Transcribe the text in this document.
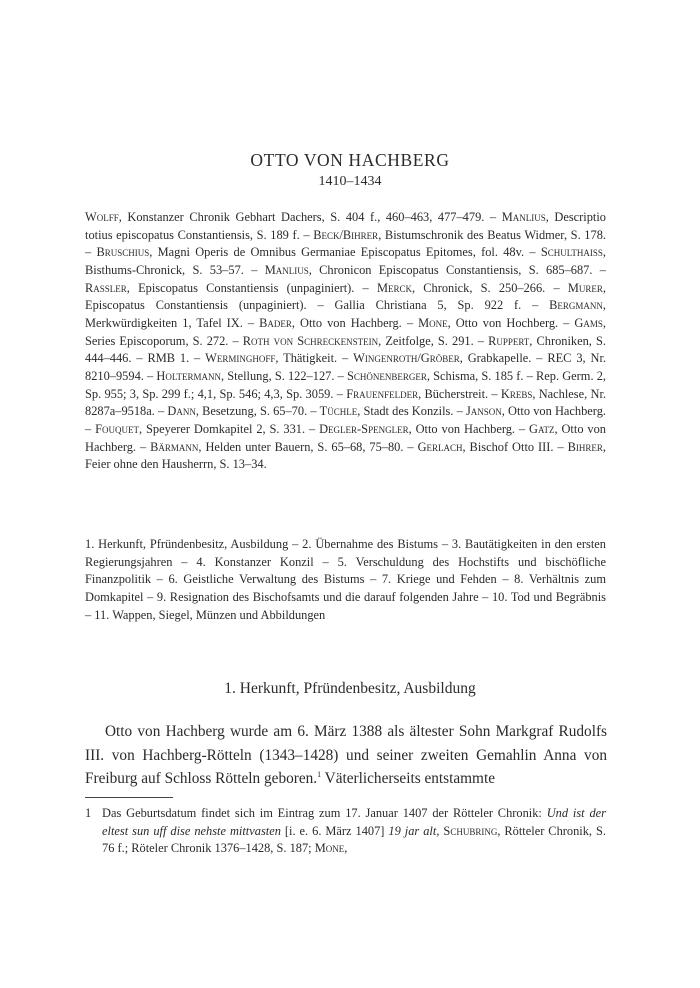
OTTO VON HACHBERG
1410–1434
Wolff, Konstanzer Chronik Gebhart Dachers, S. 404 f., 460–463, 477–479. – Manlius, Descriptio totius episcopatus Constantiensis, S. 189 f. – Beck/Bihrer, Bistumschronik des Beatus Widmer, S. 178. – Bruschius, Magni Operis de Omnibus Germaniae Episcopatus Epitomes, fol. 48v. – Schulthaiss, Bisthums-Chronick, S. 53–57. – Manlius, Chronicon Episcopatus Constantiensis, S. 685–687. – Rassler, Episcopatus Constantiensis (unpaginiert). – Merck, Chronick, S. 250–266. – Murer, Episcopatus Constantiensis (unpaginiert). – Gallia Christiana 5, Sp. 922 f. – Bergmann, Merkwürdigkeiten 1, Tafel IX. – Bader, Otto von Hachberg. – Mone, Otto von Hochberg. – Gams, Series Episcoporum, S. 272. – Roth von Schreckenstein, Zeitfolge, S. 291. – Ruppert, Chroniken, S. 444–446. – RMB 1. – Werminghoff, Thätigkeit. – Wingenroth/Gröber, Grabkapelle. – REC 3, Nr. 8210–9594. – Holtermann, Stellung, S. 122–127. – Schönenberger, Schisma, S. 185 f. – Rep. Germ. 2, Sp. 955; 3, Sp. 299 f.; 4,1, Sp. 546; 4,3, Sp. 3059. – Frauenfelder, Bücherstreit. – Krebs, Nachlese, Nr. 8287a–9518a. – Dann, Besetzung, S. 65–70. – Tüchle, Stadt des Konzils. – Janson, Otto von Hachberg. – Fouquet, Speyerer Domkapitel 2, S. 331. – Degler-Spengler, Otto von Hachberg. – Gatz, Otto von Hachberg. – Bärmann, Helden unter Bauern, S. 65–68, 75–80. – Gerlach, Bischof Otto III. – Bihrer, Feier ohne den Hausherrn, S. 13–34.
1. Herkunft, Pfründenbesitz, Ausbildung – 2. Übernahme des Bistums – 3. Bautätigkeiten in den ersten Regierungsjahren – 4. Konstanzer Konzil – 5. Verschuldung des Hochstifts und bischöfliche Finanzpolitik – 6. Geistliche Verwaltung des Bistums – 7. Kriege und Fehden – 8. Verhältnis zum Domkapitel – 9. Resignation des Bischofsamts und die darauf folgenden Jahre – 10. Tod und Begräbnis – 11. Wappen, Siegel, Münzen und Abbildungen
1. Herkunft, Pfründenbesitz, Ausbildung

Otto von Hachberg wurde am 6. März 1388 als ältester Sohn Markgraf Rudolfs III. von Hachberg-Rötteln (1343–1428) und seiner zweiten Gemahlin Anna von Freiburg auf Schloss Rötteln geboren.$^1$ Väterlicherseits entstammte

1 Das Geburtsdatum findet sich im Eintrag zum 17. Januar 1407 der Rötteler Chronik: Und ist der eltest sun uff dise nehste mittvasten [i. e. 6. März 1407] 19 jar alt, Schubring, Rötteler Chronik, S. 76 f.; Röteler Chronik 1376–1428, S. 187; Mone,
